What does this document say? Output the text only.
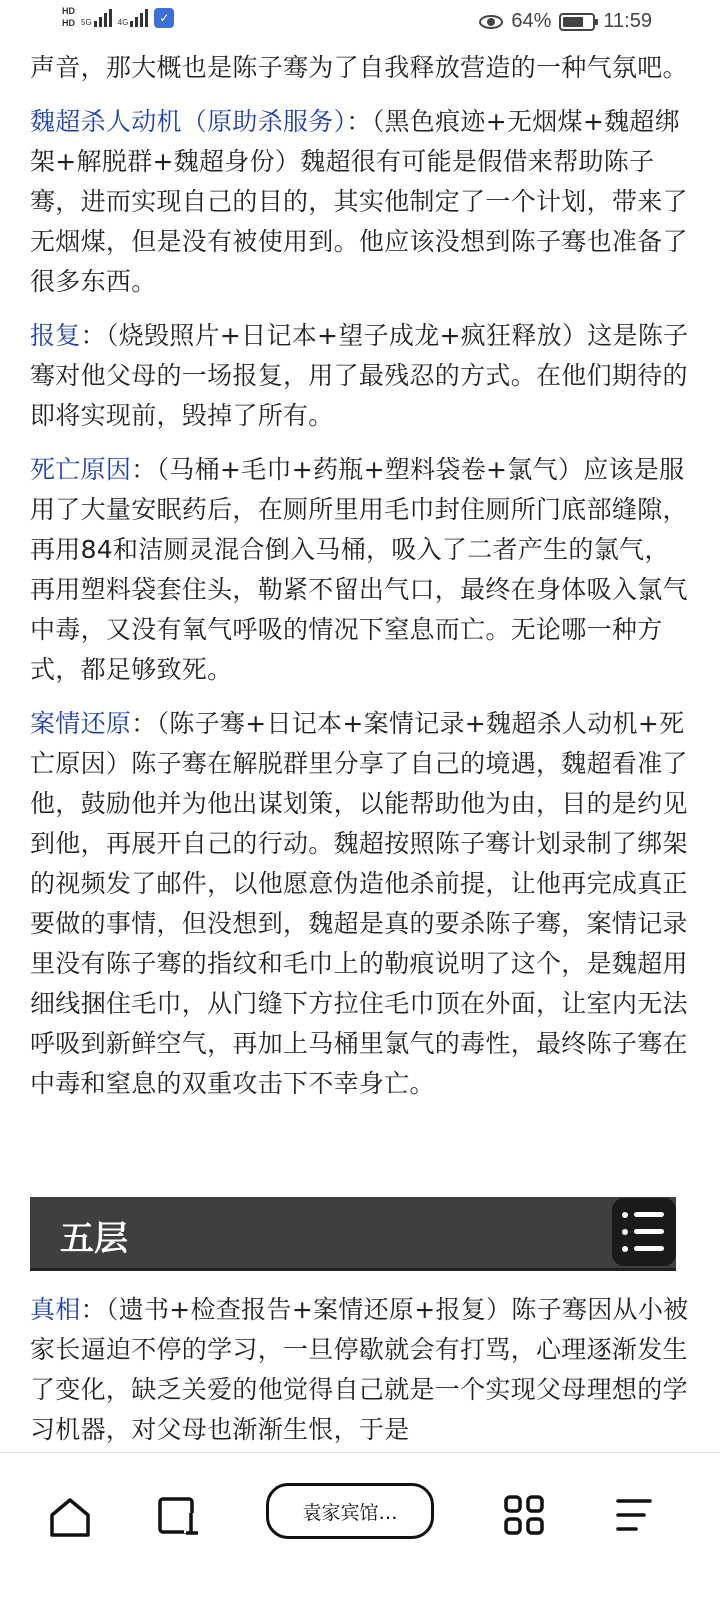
HD
HD 5G	4G	✓	64%	11:59

声音，那大概也是陈子骞为了自我释放营造的一种气氛吧。

魏超杀人动机（原助杀服务）：（黑色痕迹+无烟煤+魏超绑架+解脱群+魏超身份）魏超很有可能是假借来帮助陈子骞，进而实现自己的目的，其实他制定了一个计划，带来了无烟煤，但是没有被使用到。他应该没想到陈子骞也准备了很多东西。

报复：（烧毁照片+日记本+望子成龙+疯狂释放）这是陈子骞对他父母的一场报复，用了最残忍的方式。在他们期待的即将实现前，毁掉了所有。

死亡原因：（马桶+毛巾+药瓶+塑料袋卷+氯气）应该是服用了大量安眠药后，在厕所里用毛巾封住厕所门底部缝隙，再用84和洁厕灵混合倒入马桶，吸入了二者产生的氯气，再用塑料袋套住头，勒紧不留出气口，最终在身体吸入氯气中毒，又没有氧气呼吸的情况下窒息而亡。无论哪一种方式，都足够致死。

案情还原：（陈子骞+日记本+案情记录+魏超杀人动机+死亡原因）陈子骞在解脱群里分享了自己的境遇，魏超看准了他，鼓励他并为他出谋划策，以能帮助他为由，目的是约见到他，再展开自己的行动。魏超按照陈子骞计划录制了绑架的视频发了邮件，以他愿意伪造他杀前提，让他再完成真正要做的事情，但没想到，魏超是真的要杀陈子骞，案情记录里没有陈子骞的指纹和毛巾上的勒痕说明了这个，是魏超用细线捆住毛巾，从门缝下方拉住毛巾顶在外面，让室内无法呼吸到新鲜空气，再加上马桶里氯气的毒性，最终陈子骞在中毒和窒息的双重攻击下不幸身亡。

五层

真相：（遗书+检查报告+案情还原+报复）陈子骞因从小被家长逼迫不停的学习，一旦停歇就会有打骂，心理逐渐发生了变化，缺乏关爱的他觉得自己就是一个实现父母理想的学习机器，对父母也渐渐生恨，于是

袁家宾馆…
